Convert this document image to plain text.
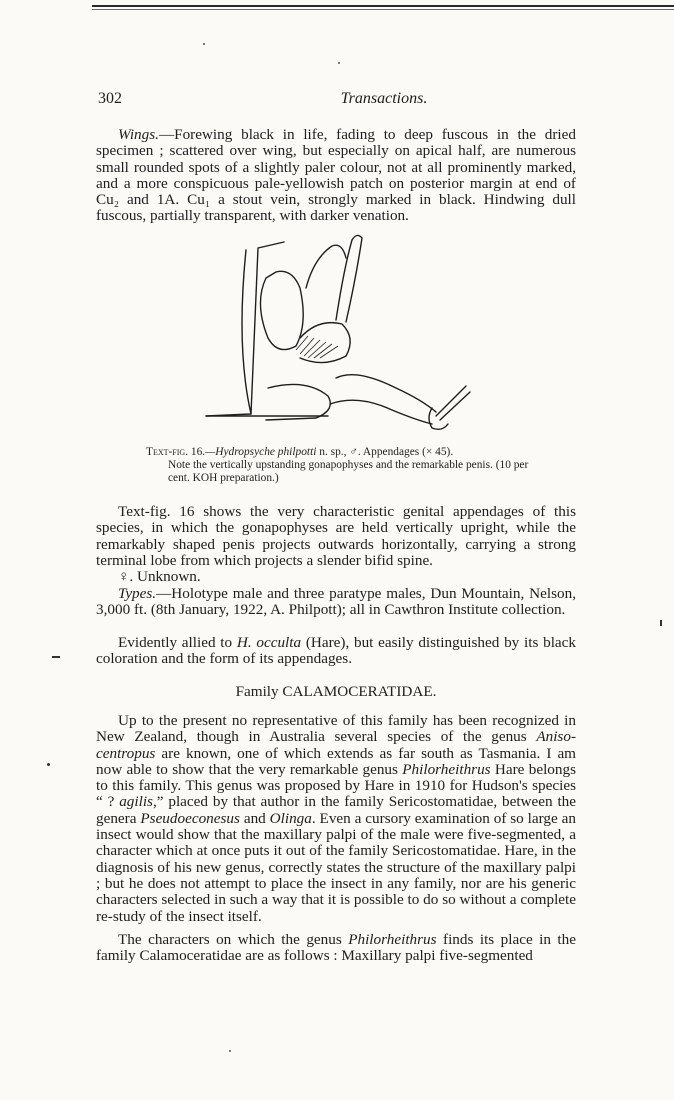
302	Transactions.

Wings.—Forewing black in life, fading to deep fuscous in the dried specimen ; scattered over wing, but especially on apical half, are numerous small rounded spots of a slightly paler colour, not at all prominently marked, and a more conspicuous pale-yellowish patch on posterior margin at end of Cu₂ and 1A. Cu₁ a stout vein, strongly marked in black. Hindwing dull fuscous, partially transparent, with darker venation.

Text-fig. 16.—Hydropsyche philpotti n. sp., ♂. Appendages (× 45).
Note the vertically upstanding gonapophyses and the remarkable penis. (10 per cent. KOH preparation.)

Text-fig. 16 shows the very characteristic genital appendages of this species, in which the gonapophyses are held vertically upright, while the remarkably shaped penis projects outwards horizontally, carrying a strong terminal lobe from which projects a slender bifid spine.

♀. Unknown.

Types.—Holotype male and three paratype males, Dun Mountain, Nelson, 3,000 ft. (8th January, 1922, A. Philpott); all in Cawthron Institute collection.

Evidently allied to H. occulta (Hare), but easily distinguished by its black coloration and the form of its appendages.

Family CALAMOCERATIDAE.

Up to the present no representative of this family has been recognized in New Zealand, though in Australia several species of the genus Aniso-centropus are known, one of which extends as far south as Tasmania. I am now able to show that the very remarkable genus Philorheithrus Hare belongs to this family. This genus was proposed by Hare in 1910 for Hudson's species “ ? agilis,” placed by that author in the family Sericostomatidae, between the genera Pseudoeconesus and Olinga. Even a cursory examination of so large an insect would show that the maxillary palpi of the male were five-segmented, a character which at once puts it out of the family Sericostomatidae. Hare, in the diagnosis of his new genus, correctly states the structure of the maxillary palpi ; but he does not attempt to place the insect in any family, nor are his generic characters selected in such a way that it is possible to do so without a complete re-study of the insect itself.

The characters on which the genus Philorheithrus finds its place in the family Calamoceratidae are as follows : Maxillary palpi five-segmented
